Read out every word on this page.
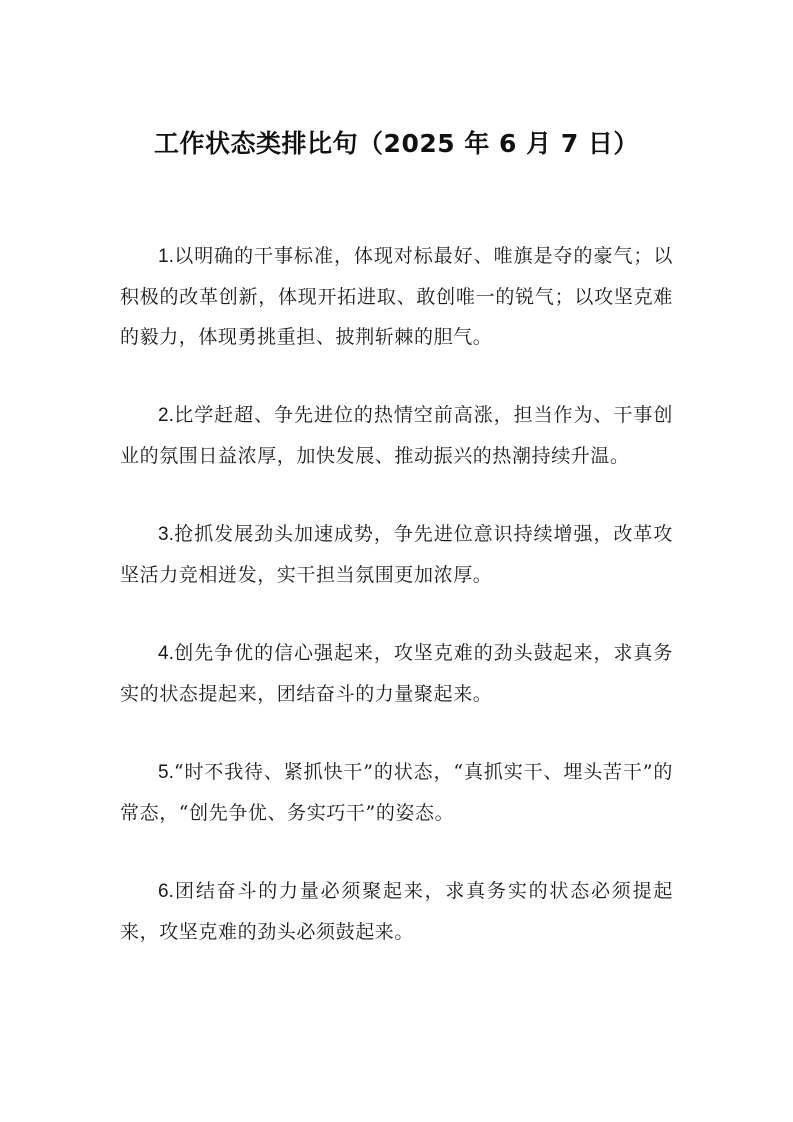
工作状态类排比句（2025 年 6 月 7 日）

1.以明确的干事标准，体现对标最好、唯旗是夺的豪气；以积极的改革创新，体现开拓进取、敢创唯一的锐气；以攻坚克难的毅力，体现勇挑重担、披荆斩棘的胆气。

2.比学赶超、争先进位的热情空前高涨，担当作为、干事创业的氛围日益浓厚，加快发展、推动振兴的热潮持续升温。

3.抢抓发展劲头加速成势，争先进位意识持续增强，改革攻坚活力竞相迸发，实干担当氛围更加浓厚。

4.创先争优的信心强起来，攻坚克难的劲头鼓起来，求真务实的状态提起来，团结奋斗的力量聚起来。

5.“时不我待、紧抓快干”的状态，“真抓实干、埋头苦干”的常态，“创先争优、务实巧干”的姿态。

6.团结奋斗的力量必须聚起来，求真务实的状态必须提起来，攻坚克难的劲头必须鼓起来。
